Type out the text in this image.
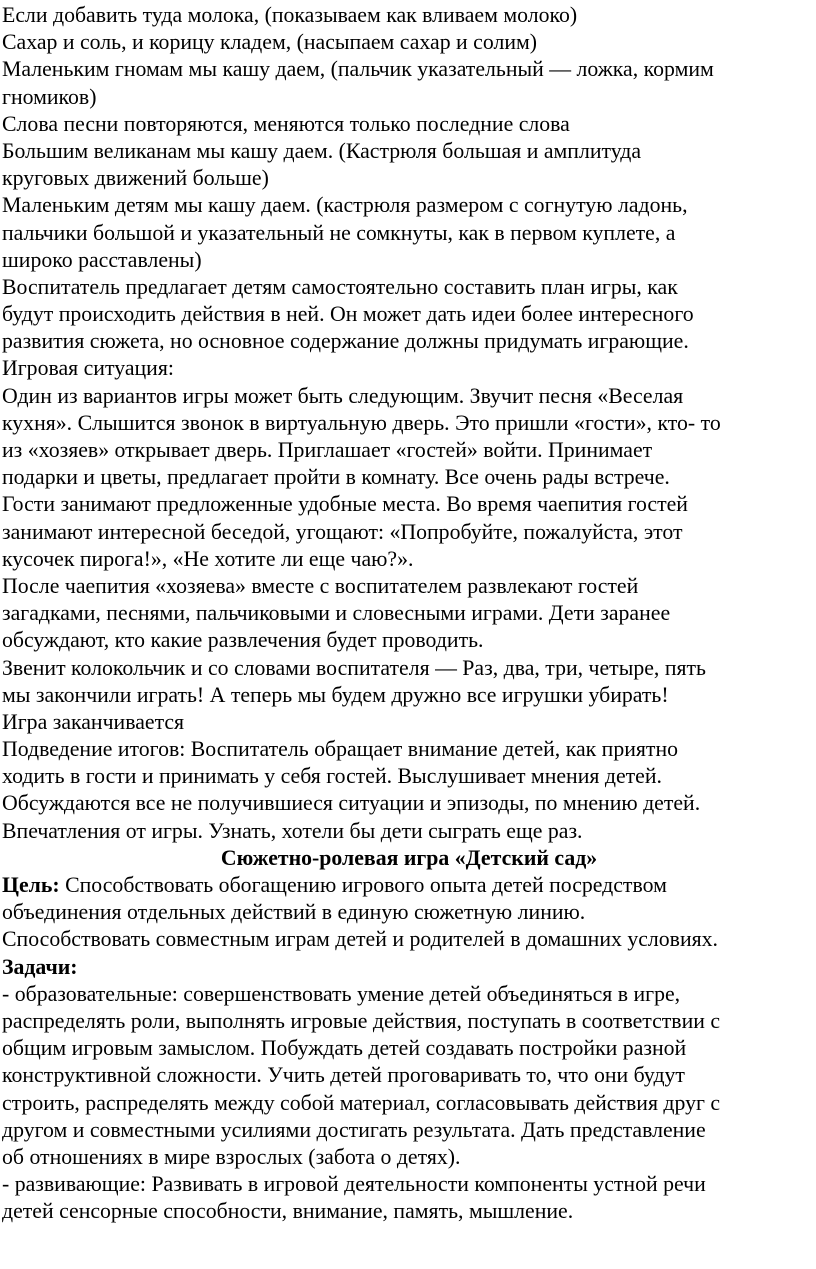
Если добавить туда молока, (показываем как вливаем молоко)
Сахар и соль, и корицу кладем, (насыпаем сахар и солим)
Маленьким гномам мы кашу даем, (пальчик указательный — ложка, кормим
гномиков)
Слова песни повторяются, меняются только последние слова
Большим великанам мы кашу даем. (Кастрюля большая и амплитуда
круговых движений больше)
Маленьким детям мы кашу даем. (кастрюля размером с согнутую ладонь,
пальчики большой и указательный не сомкнуты, как в первом куплете, а
широко расставлены)
Воспитатель предлагает детям самостоятельно составить план игры, как
будут происходить действия в ней. Он может дать идеи более интересного
развития сюжета, но основное содержание должны придумать играющие.
Игровая ситуация:
Один из вариантов игры может быть следующим. Звучит песня «Веселая
кухня». Слышится звонок в виртуальную дверь. Это пришли «гости», кто- то
из «хозяев» открывает дверь. Приглашает «гостей» войти. Принимает
подарки и цветы, предлагает пройти в комнату. Все очень рады встрече.
Гости занимают предложенные удобные места. Во время чаепития гостей
занимают интересной беседой, угощают: «Попробуйте, пожалуйста, этот
кусочек пирога!», «Не хотите ли еще чаю?».
После чаепития «хозяева» вместе с воспитателем развлекают гостей
загадками, песнями, пальчиковыми и словесными играми. Дети заранее
обсуждают, кто какие развлечения будет проводить.
Звенит колокольчик и со словами воспитателя — Раз, два, три, четыре, пять
мы закончили играть! А теперь мы будем дружно все игрушки убирать!
Игра заканчивается
Подведение итогов: Воспитатель обращает внимание детей, как приятно
ходить в гости и принимать у себя гостей. Выслушивает мнения детей.
Обсуждаются все не получившиеся ситуации и эпизоды, по мнению детей.
Впечатления от игры. Узнать, хотели бы дети сыграть еще раз.
Сюжетно-ролевая игра «Детский сад»
Цель: Способствовать обогащению игрового опыта детей посредством
объединения отдельных действий в единую сюжетную линию.
Способствовать совместным играм детей и родителей в домашних условиях.
Задачи:
- образовательные: совершенствовать умение детей объединяться в игре,
распределять роли, выполнять игровые действия, поступать в соответствии с
общим игровым замыслом. Побуждать детей создавать постройки разной
конструктивной сложности. Учить детей проговаривать то, что они будут
строить, распределять между собой материал, согласовывать действия друг с
другом и совместными усилиями достигать результата. Дать представление
об отношениях в мире взрослых (забота о детях).
- развивающие: Развивать в игровой деятельности компоненты устной речи
детей сенсорные способности, внимание, память, мышление.
